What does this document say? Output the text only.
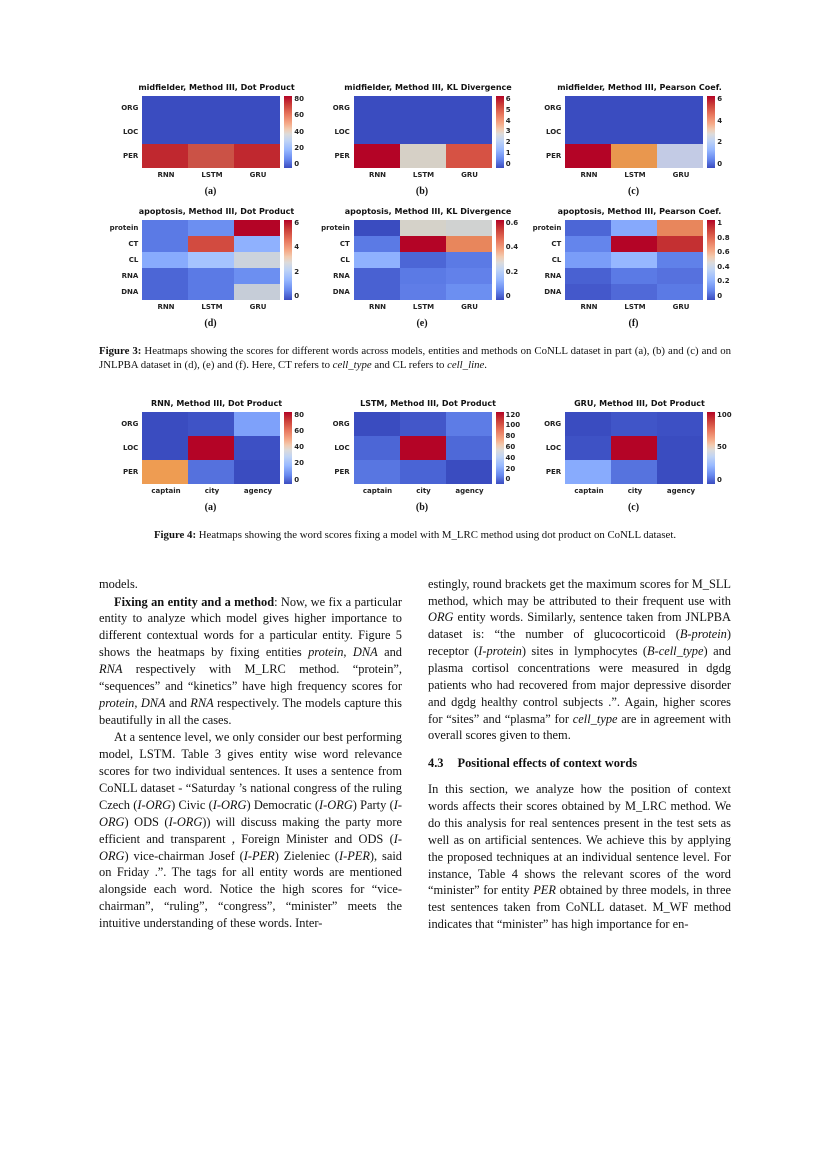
midfielder, Method III, Dot Product
ORG
LOC
PER
80
60
40
20
0
RNN	LSTM	GRU
(a)
midfielder, Method III, KL Divergence
ORG
LOC
PER
6
5
4
3
2
1
0
RNN	LSTM	GRU
(b)
midfielder, Method III, Pearson Coef.
ORG
LOC
PER
6
4
2
0
RNN	LSTM	GRU
(c)
apoptosis, Method III, Dot Product
protein
CT
CL
RNA
DNA
6
4
2
0
RNN	LSTM	GRU
(d)
apoptosis, Method III, KL Divergence
protein
CT
CL
RNA
DNA
0.6
0.4
0.2
0
RNN	LSTM	GRU
(e)
apoptosis, Method III, Pearson Coef.
protein
CT
CL
RNA
DNA
1
0.8
0.6
0.4
0.2
0
RNN	LSTM	GRU
(f)
Figure 3: Heatmaps showing the scores for different words across models, entities and methods on CoNLL dataset in part (a), (b) and (c) and on JNLPBA dataset in (d), (e) and (f). Here, CT refers to cell_type and CL refers to cell_line.
RNN, Method III, Dot Product
ORG
LOC
PER
80
60
40
20
0
captain	city	agency
(a)
LSTM, Method III, Dot Product
ORG
LOC
PER
120
100
80
60
40
20
0
captain	city	agency
(b)
GRU, Method III, Dot Product
ORG
LOC
PER
100
50
0
captain	city	agency
(c)
Figure 4: Heatmaps showing the word scores fixing a model with M_LRC method using dot product on CoNLL dataset.

models.

Fixing an entity and a method: Now, we fix a particular entity to analyze which model gives higher importance to different contextual words for a particular entity. Figure 5 shows the heatmaps by fixing entities protein, DNA and RNA respectively with M_LRC method. “protein”, “sequences” and “kinetics” have high frequency scores for protein, DNA and RNA respectively. The models capture this beautifully in all the cases.

At a sentence level, we only consider our best performing model, LSTM. Table 3 gives entity wise word relevance scores for two individual sentences. It uses a sentence from CoNLL dataset - “Saturday ’s national congress of the ruling Czech (I-ORG) Civic (I-ORG) Democratic (I-ORG) Party (I-ORG) ODS (I-ORG)) will discuss making the party more efficient and transparent , Foreign Minister and ODS (I-ORG) vice-chairman Josef (I-PER) Zieleniec (I-PER), said on Friday .”. The tags for all entity words are mentioned alongside each word. Notice the high scores for “vice-chairman”, “ruling”, “congress”, “minister” meets the intuitive understanding of these words. Inter-

estingly, round brackets get the maximum scores for M_SLL method, which may be attributed to their frequent use with ORG entity words. Similarly, sentence taken from JNLPBA dataset is: “the number of glucocorticoid (B-protein) receptor (I-protein) sites in lymphocytes (B-cell_type) and plasma cortisol concentrations were measured in dgdg patients who had recovered from major depressive disorder and dgdg healthy control subjects .”. Again, higher scores for “sites” and “plasma” for cell_type are in agreement with overall scores given to them.

4.3 Positional effects of context words

In this section, we analyze how the position of context words affects their scores obtained by M_LRC method. We do this analysis for real sentences present in the test sets as well as on artificial sentences. We achieve this by applying the proposed techniques at an individual sentence level. For instance, Table 4 shows the relevant scores of the word “minister” for entity PER obtained by three models, in three test sentences taken from CoNLL dataset. M_WF method indicates that “minister” has high importance for en-
